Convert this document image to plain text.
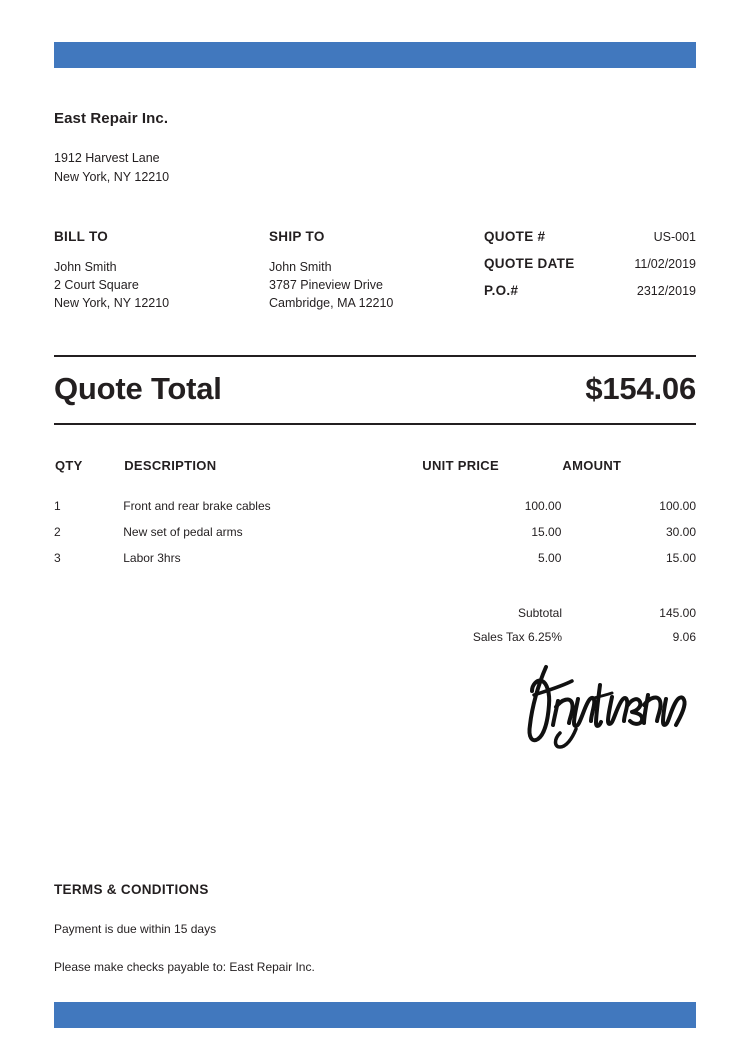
East Repair Inc.
1912 Harvest Lane
New York, NY 12210
BILL TO
John Smith
2 Court Square
New York, NY 12210
SHIP TO
John Smith
3787 Pineview Drive
Cambridge, MA 12210
QUOTE #	US-001
QUOTE DATE	11/02/2019
P.O.#	2312/2019
Quote Total	$154.06
QTY	DESCRIPTION	UNIT PRICE	AMOUNT
1	Front and rear brake cables	100.00	100.00
2	New set of pedal arms	15.00	30.00
3	Labor 3hrs	5.00	15.00
Subtotal	145.00
Sales Tax 6.25%	9.06
TERMS & CONDITIONS
Payment is due within 15 days
Please make checks payable to: East Repair Inc.
